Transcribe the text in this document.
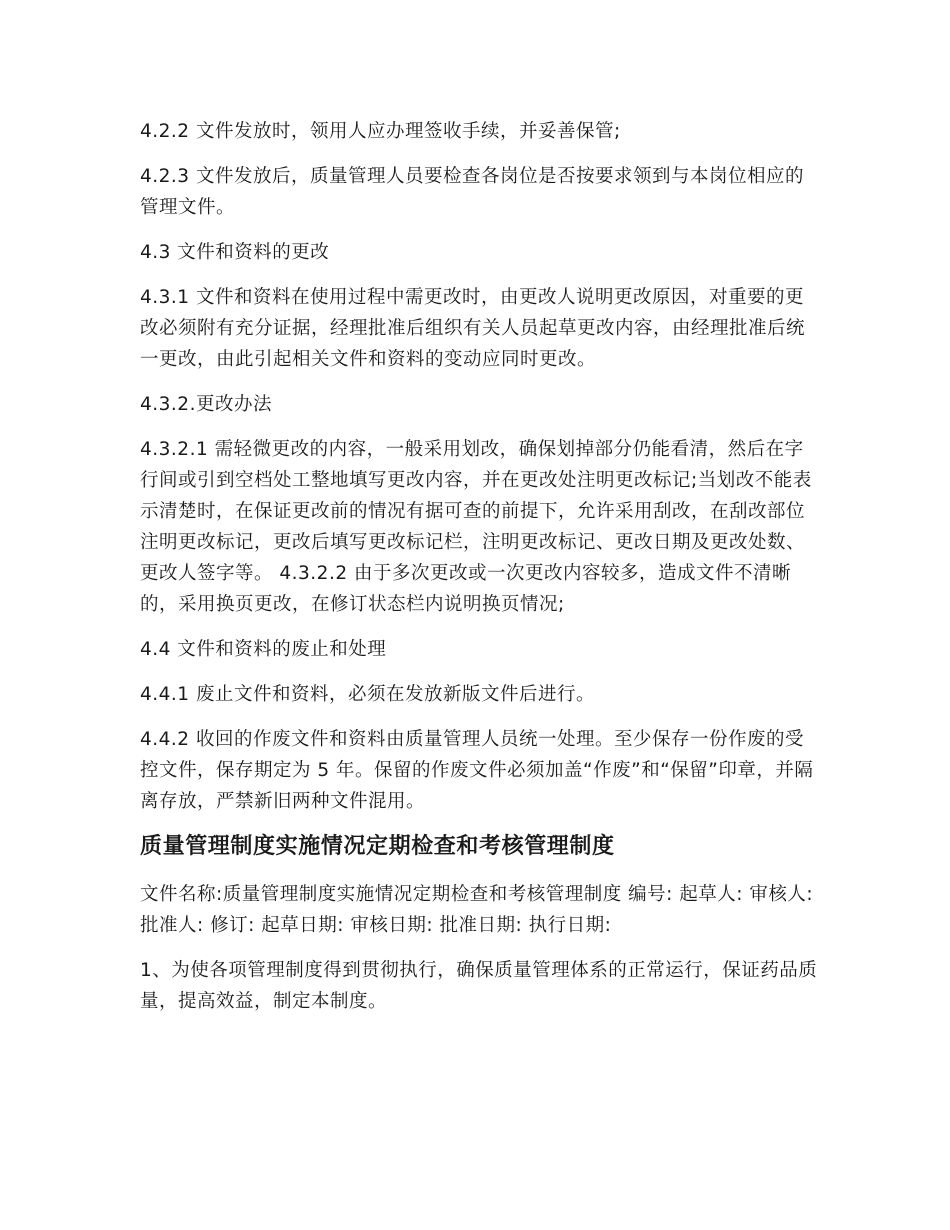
4.2.2 文件发放时，领用人应办理签收手续，并妥善保管;

4.2.3 文件发放后，质量管理人员要检查各岗位是否按要求领到与本岗位相应的管理文件。

4.3 文件和资料的更改

4.3.1 文件和资料在使用过程中需更改时，由更改人说明更改原因，对重要的更改必须附有充分证据，经理批准后组织有关人员起草更改内容，由经理批准后统一更改，由此引起相关文件和资料的变动应同时更改。

4.3.2.更改办法

4.3.2.1 需轻微更改的内容，一般采用划改，确保划掉部分仍能看清，然后在字行间或引到空档处工整地填写更改内容，并在更改处注明更改标记;当划改不能表示清楚时，在保证更改前的情况有据可查的前提下，允许采用刮改，在刮改部位注明更改标记，更改后填写更改标记栏，注明更改标记、更改日期及更改处数、更改人签字等。 4.3.2.2 由于多次更改或一次更改内容较多，造成文件不清晰的，采用换页更改，在修订状态栏内说明换页情况;

4.4 文件和资料的废止和处理

4.4.1 废止文件和资料，必须在发放新版文件后进行。

4.4.2 收回的作废文件和资料由质量管理人员统一处理。至少保存一份作废的受控文件，保存期定为 5 年。保留的作废文件必须加盖“作废”和“保留”印章，并隔离存放，严禁新旧两种文件混用。

质量管理制度实施情况定期检查和考核管理制度

文件名称:质量管理制度实施情况定期检查和考核管理制度 编号: 起草人: 审核人: 批准人: 修订: 起草日期: 审核日期: 批准日期: 执行日期:

1、为使各项管理制度得到贯彻执行，确保质量管理体系的正常运行，保证药品质量，提高效益，制定本制度。
